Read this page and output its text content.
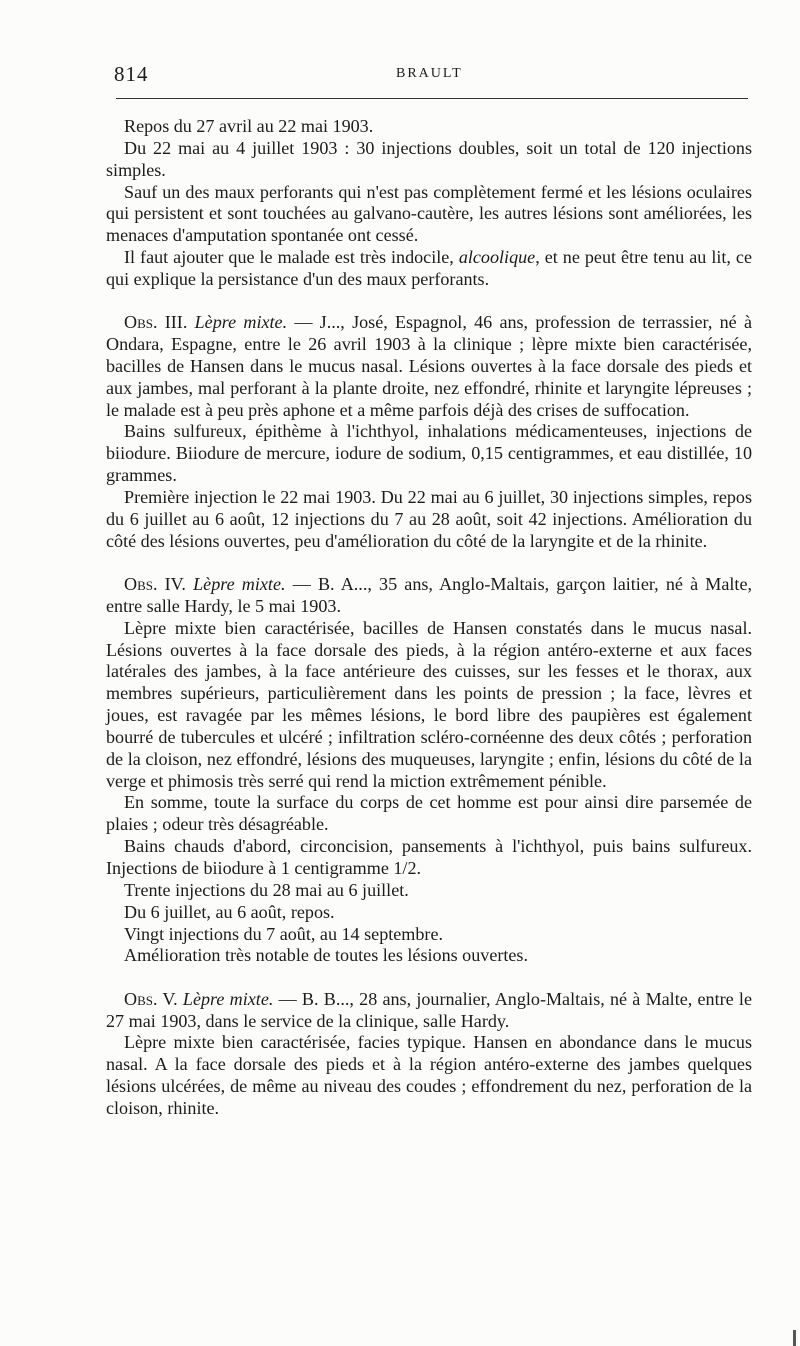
814	BRAULT

Repos du 27 avril au 22 mai 1903.

Du 22 mai au 4 juillet 1903 : 30 injections doubles, soit un total de 120 injections simples.

Sauf un des maux perforants qui n'est pas complètement fermé et les lésions oculaires qui persistent et sont touchées au galvano-cautère, les autres lésions sont améliorées, les menaces d'amputation spontanée ont cessé.

Il faut ajouter que le malade est très indocile, alcoolique, et ne peut être tenu au lit, ce qui explique la persistance d'un des maux perforants.

Obs. III. Lèpre mixte. — J..., José, Espagnol, 46 ans, profession de terrassier, né à Ondara, Espagne, entre le 26 avril 1903 à la clinique ; lèpre mixte bien caractérisée, bacilles de Hansen dans le mucus nasal. Lésions ouvertes à la face dorsale des pieds et aux jambes, mal perforant à la plante droite, nez effondré, rhinite et laryngite lépreuses ; le malade est à peu près aphone et a même parfois déjà des crises de suffocation.

Bains sulfureux, épithème à l'ichthyol, inhalations médicamenteuses, injections de biiodure. Biiodure de mercure, iodure de sodium, 0,15 centigrammes, et eau distillée, 10 grammes.

Première injection le 22 mai 1903. Du 22 mai au 6 juillet, 30 injections simples, repos du 6 juillet au 6 août, 12 injections du 7 au 28 août, soit 42 injections. Amélioration du côté des lésions ouvertes, peu d'amélioration du côté de la laryngite et de la rhinite.

Obs. IV. Lèpre mixte. — B. A..., 35 ans, Anglo-Maltais, garçon laitier, né à Malte, entre salle Hardy, le 5 mai 1903.

Lèpre mixte bien caractérisée, bacilles de Hansen constatés dans le mucus nasal. Lésions ouvertes à la face dorsale des pieds, à la région antéro-externe et aux faces latérales des jambes, à la face antérieure des cuisses, sur les fesses et le thorax, aux membres supérieurs, particulièrement dans les points de pression ; la face, lèvres et joues, est ravagée par les mêmes lésions, le bord libre des paupières est également bourré de tubercules et ulcéré ; infiltration scléro-cornéenne des deux côtés ; perforation de la cloison, nez effondré, lésions des muqueuses, laryngite ; enfin, lésions du côté de la verge et phimosis très serré qui rend la miction extrêmement pénible.

En somme, toute la surface du corps de cet homme est pour ainsi dire parsemée de plaies ; odeur très désagréable.

Bains chauds d'abord, circoncision, pansements à l'ichthyol, puis bains sulfureux. Injections de biiodure à 1 centigramme 1/2.

Trente injections du 28 mai au 6 juillet.

Du 6 juillet, au 6 août, repos.

Vingt injections du 7 août, au 14 septembre.

Amélioration très notable de toutes les lésions ouvertes.

Obs. V. Lèpre mixte. — B. B..., 28 ans, journalier, Anglo-Maltais, né à Malte, entre le 27 mai 1903, dans le service de la clinique, salle Hardy.

Lèpre mixte bien caractérisée, facies typique. Hansen en abondance dans le mucus nasal. A la face dorsale des pieds et à la région antéro-externe des jambes quelques lésions ulcérées, de même au niveau des coudes ; effondrement du nez, perforation de la cloison, rhinite.
